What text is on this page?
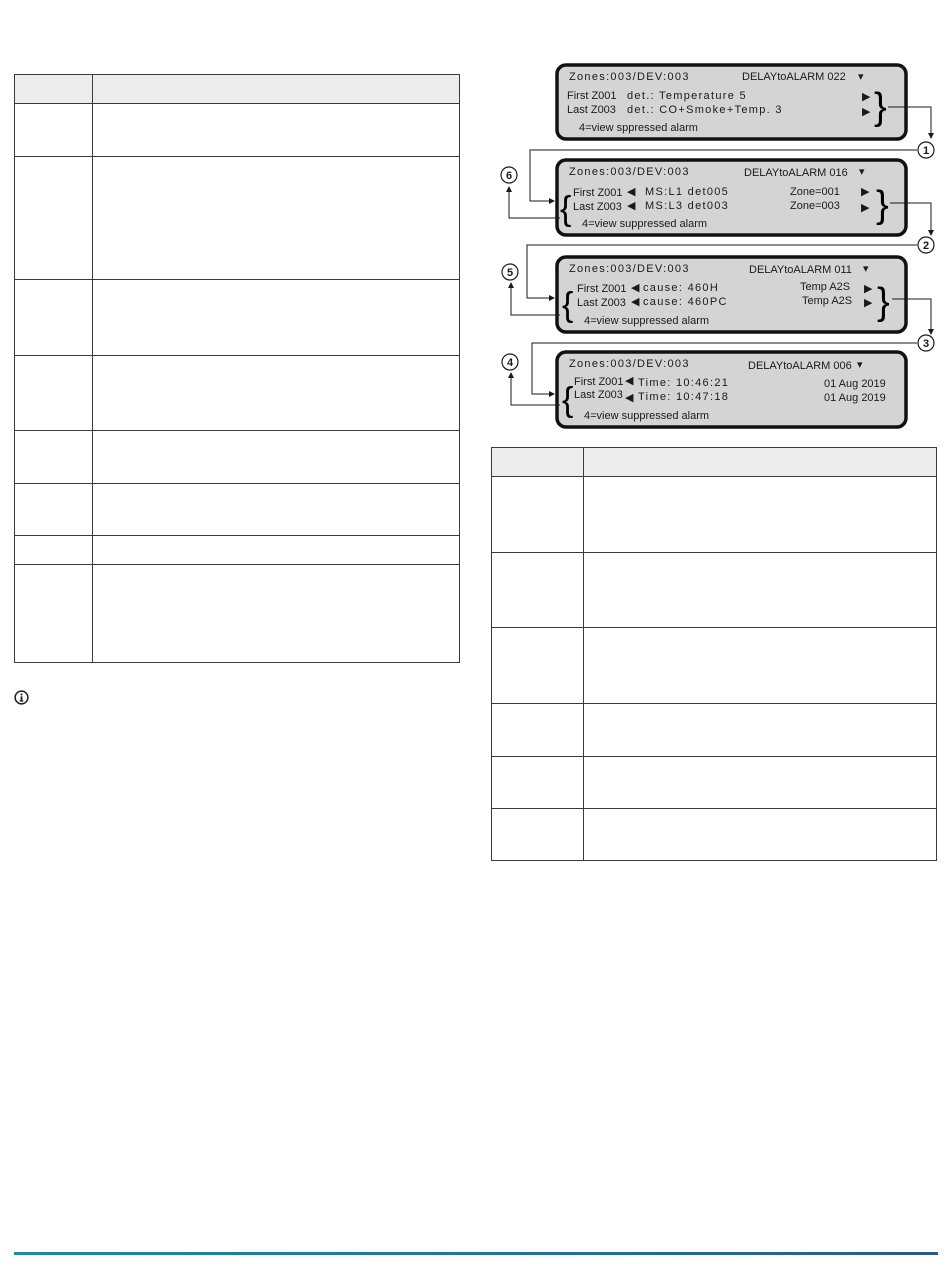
Zones:003/DEV:003	DELAYtoALARM 022 ▾
First Z001 det.: Temperature 5
Last Z003 det.: CO+Smoke+Temp. 3
▶
▶ }
4=view sppressed alarm
Zones:003/DEV:003	DELAYtoALARM 016 ▾
{ First Z001 ◀ MS:L1 det005	Zone=001
Last Z003 ◀ MS:L3 det003	Zone=003
▶
▶ }
4=view suppressed alarm
Zones:003/DEV:003	DELAYtoALARM 011 ▾
{ First Z001 ◀ cause: 460H	Temp A2S
Last Z003 ◀ cause: 460PC	Temp A2S
▶
▶ }
4=view suppressed alarm
Zones:003/DEV:003	DELAYtoALARM 006 ▾
{ First Z001 ◀ Time: 10:46:21	01 Aug 2019
Last Z003 ◀ Time: 10:47:18	01 Aug 2019
4=view suppressed alarm
1
2
3
4
5
6
